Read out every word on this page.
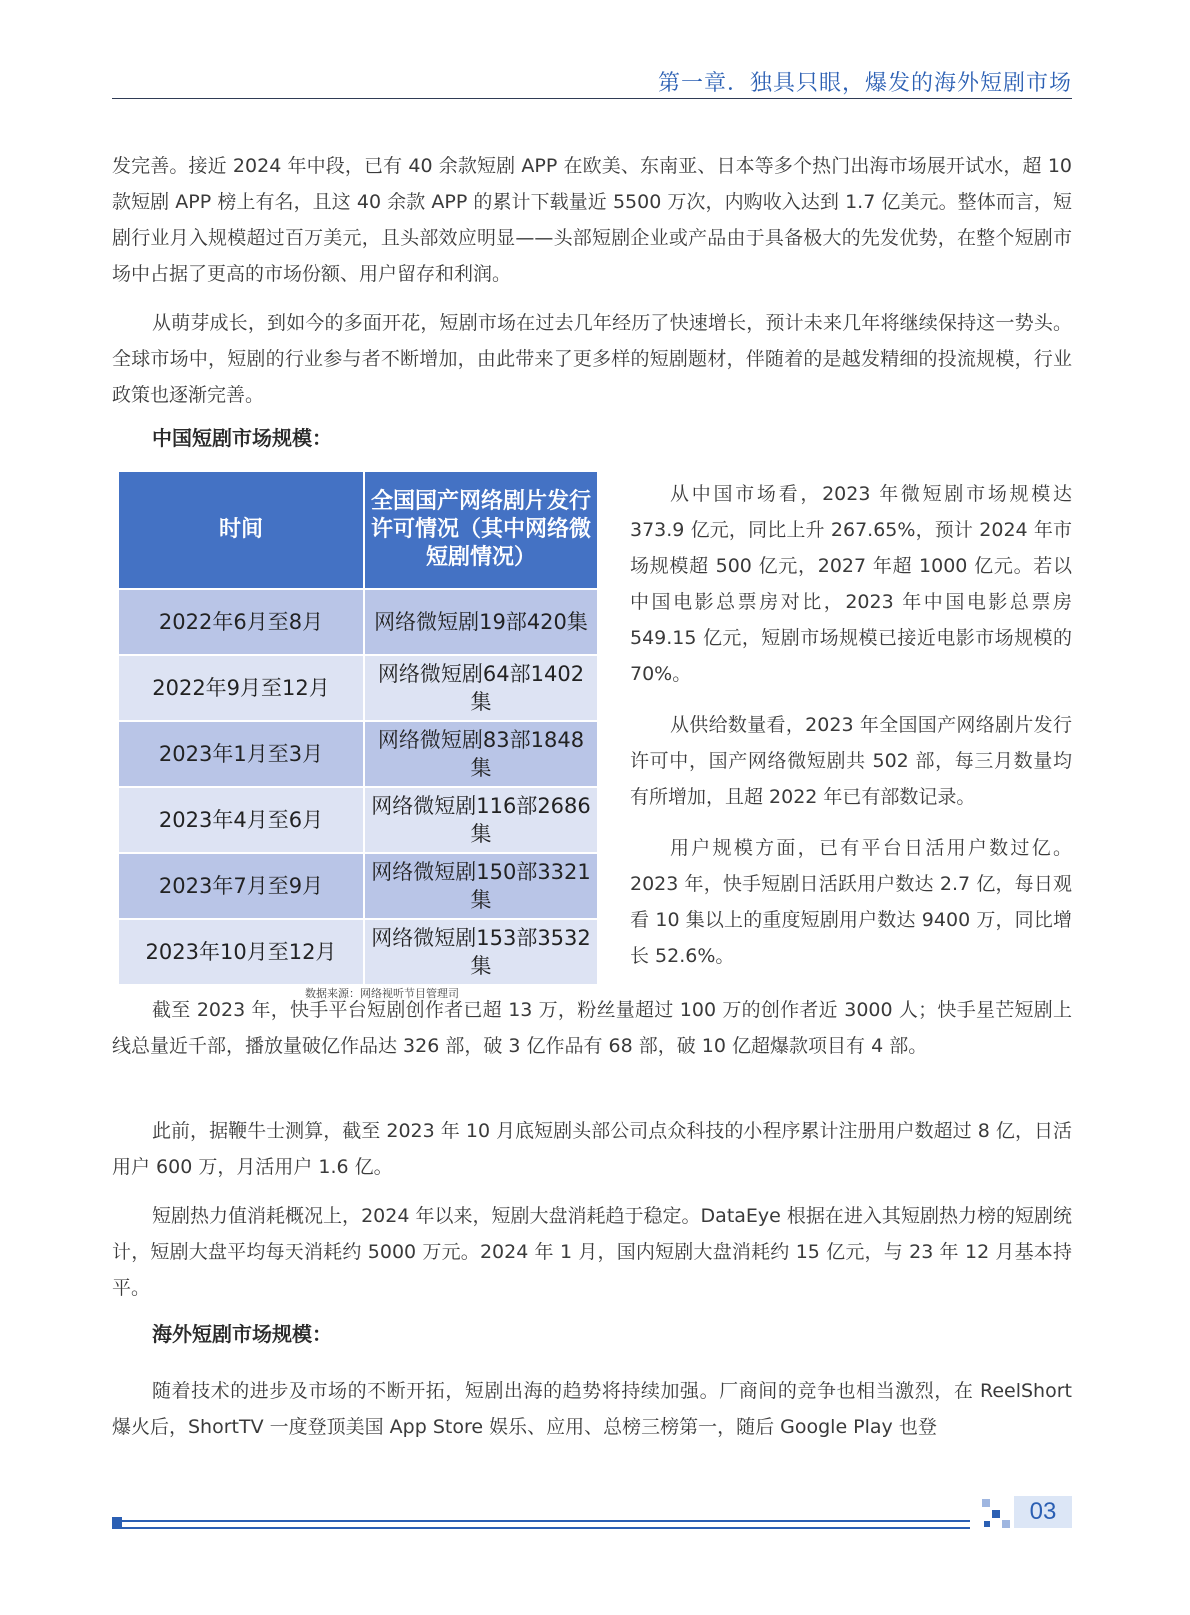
第一章．独具只眼，爆发的海外短剧市场

发完善。接近 2024 年中段，已有 40 余款短剧 APP 在欧美、东南亚、日本等多个热门出海市场展开试水，超 10 款短剧 APP 榜上有名，且这 40 余款 APP 的累计下载量近 5500 万次，内购收入达到 1.7 亿美元。整体而言，短剧行业月入规模超过百万美元，且头部效应明显——头部短剧企业或产品由于具备极大的先发优势，在整个短剧市场中占据了更高的市场份额、用户留存和利润。

从萌芽成长，到如今的多面开花，短剧市场在过去几年经历了快速增长，预计未来几年将继续保持这一势头。全球市场中，短剧的行业参与者不断增加，由此带来了更多样的短剧题材，伴随着的是越发精细的投流规模，行业政策也逐渐完善。

中国短剧市场规模：
时间	全国国产网络剧片发行许可情况（其中网络微短剧情况）
2022年6月至8月	网络微短剧19部420集
2022年9月至12月	网络微短剧64部1402集
2023年1月至3月	网络微短剧83部1848集
2023年4月至6月	网络微短剧116部2686集
2023年7月至9月	网络微短剧150部3321集
2023年10月至12月	网络微短剧153部3532集
数据来源：网络视听节目管理司

从中国市场看，2023 年微短剧市场规模达 373.9 亿元，同比上升 267.65%，预计 2024 年市场规模超 500 亿元，2027 年超 1000 亿元。若以中国电影总票房对比，2023 年中国电影总票房 549.15 亿元，短剧市场规模已接近电影市场规模的 70%。

从供给数量看，2023 年全国国产网络剧片发行许可中，国产网络微短剧共 502 部，每三月数量均有所增加，且超 2022 年已有部数记录。

用户规模方面，已有平台日活用户数过亿。2023 年，快手短剧日活跃用户数达 2.7 亿，每日观看 10 集以上的重度短剧用户数达 9400 万，同比增长 52.6%。

截至 2023 年，快手平台短剧创作者已超 13 万，粉丝量超过 100 万的创作者近 3000 人；快手星芒短剧上线总量近千部，播放量破亿作品达 326 部，破 3 亿作品有 68 部，破 10 亿超爆款项目有 4 部。

此前，据鞭牛士测算，截至 2023 年 10 月底短剧头部公司点众科技的小程序累计注册用户数超过 8 亿，日活用户 600 万，月活用户 1.6 亿。

短剧热力值消耗概况上，2024 年以来，短剧大盘消耗趋于稳定。DataEye 根据在进入其短剧热力榜的短剧统计，短剧大盘平均每天消耗约 5000 万元。2024 年 1 月，国内短剧大盘消耗约 15 亿元，与 23 年 12 月基本持平。

海外短剧市场规模：

随着技术的进步及市场的不断开拓，短剧出海的趋势将持续加强。厂商间的竞争也相当激烈，在 ReelShort 爆火后，ShortTV 一度登顶美国 App Store 娱乐、应用、总榜三榜第一，随后 Google Play 也登

03
